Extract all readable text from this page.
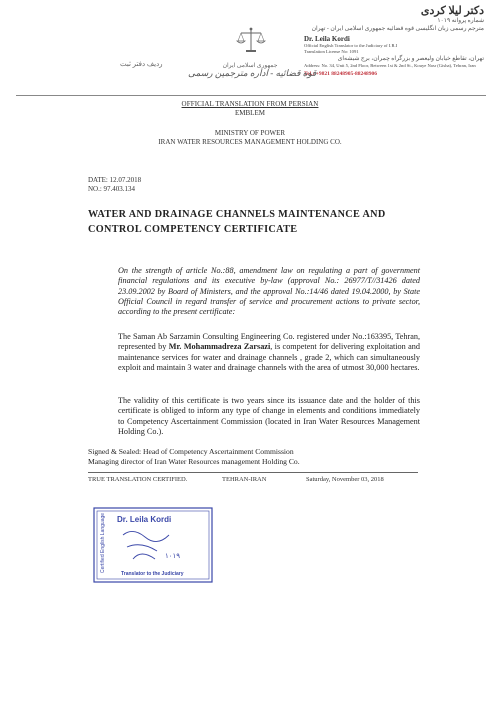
دکتر لیلا کردی
شماره پروانه ۱۰۱۹
مترجم رسمی زبان انگلیسی قوه قضائیه جمهوری اسلامی ایران - تهران
Dr. Leila Kordi
Official English Translator to the Judiciary of I.R.I
Translation License No: 1091
تهران، تقاطع خیابان ولیعصر و بزرگراه چمران، برج شیشه‌ای
Address: No. 34, Unit 5, 2nd Floor, Between 1st & 2nd St., Kouye Nasr (Gisha), Tehran, Iran
Tel.: +9821 88248905-88248906
جمهوری اسلامی ایران
قوه قضائیه - اداره مترجمین رسمی
ردیف دفتر ثبت
OFFICIAL TRANSLATION FROM PERSIAN
EMBLEM
MINISTRY OF POWER
IRAN WATER RESOURCES MANAGEMENT HOLDING CO.
DATE: 12.07.2018
NO.: 97.403.134
WATER AND DRAINAGE CHANNELS MAINTENANCE AND CONTROL COMPETENCY CERTIFICATE
On the strength of article No.:88, amendment law on regulating a part of government financial regulations and its executive by-law (approval No.: 26977/T//31426 dated 23.09.2002 by Board of Ministers, and the approval No.:14/46 dated 19.04.2000, by State Official Council in regard transfer of service and procurement actions to private sector, according to the present certificate:
The Saman Ab Sarzamin Consulting Engineering Co. registered under No.:163395, Tehran, represented by Mr. Mohammadreza Zarsazi, is competent for delivering exploitation and maintenance services for water and drainage channels , grade 2, which can simultaneously exploit and maintain 3 water and drainage channels with the area of utmost 30,000 hectares.
The validity of this certificate is two years since its issuance date and the holder of this certificate is obliged to inform any type of change in elements and conditions immediately to Competency Ascertainment Commission (located in Iran Water Resources Management Holding Co.).
Signed & Sealed: Head of Competency Ascertainment Commission
Managing director of Iran Water Resources management Holding Co.
TRUE TRANSLATION CERTIFIED.	TEHRAN-IRAN	Saturday, November 03, 2018
Dr. Leila Kordi
Certified English Language
Translator to the Judiciary
۱۰۱۹
